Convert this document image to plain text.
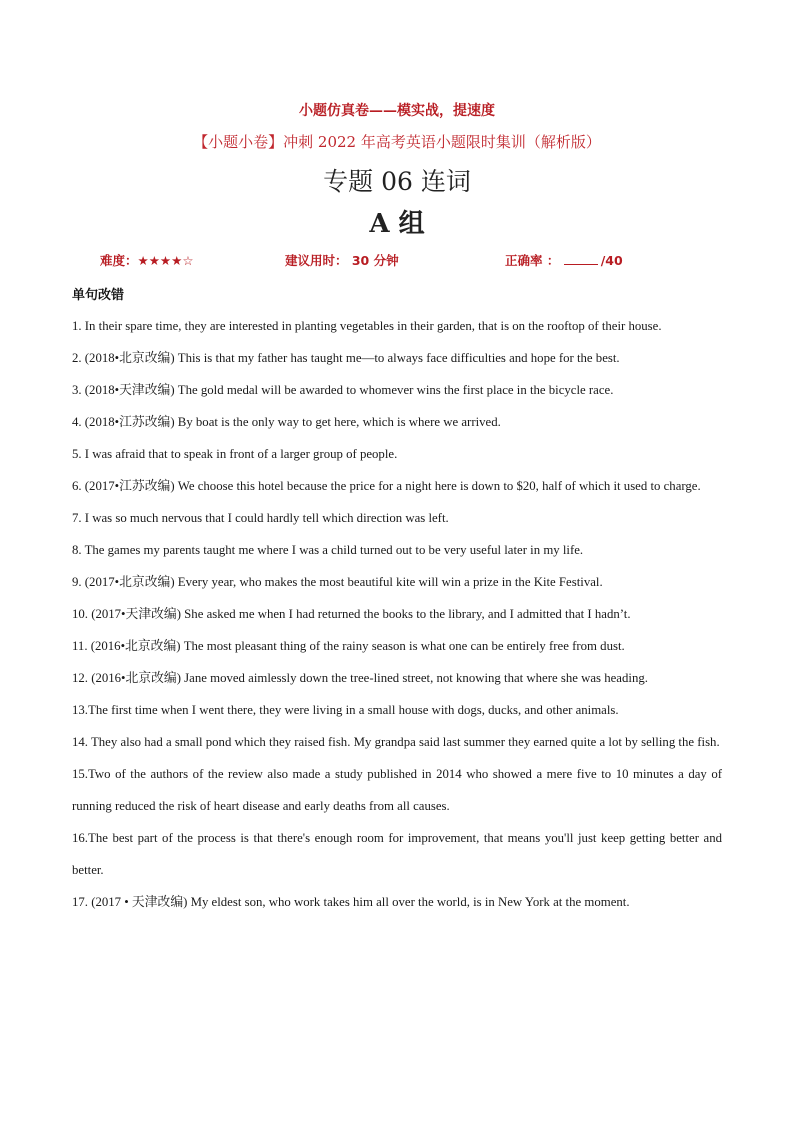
小题仿真卷——模实战，提速度
【小题小卷】冲刺 2022 年高考英语小题限时集训（解析版）
专题 06 连词
A 组
难度：★★★★☆	建议用时： 30 分钟	正确率 ：	/40
单句改错
1. In their spare time, they are interested in planting vegetables in their garden, that is on the rooftop of their house.
2. (2018•北京改编) This is that my father has taught me—to always face difficulties and hope for the best.
3. (2018•天津改编) The gold medal will be awarded to whomever wins the first place in the bicycle race.
4. (2018•江苏改编) By boat is the only way to get here, which is where we arrived.
5. I was afraid that to speak in front of a larger group of people.
6. (2017•江苏改编) We choose this hotel because the price for a night here is down to $20, half of which it used to charge.
7. I was so much nervous that I could hardly tell which direction was left.
8. The games my parents taught me where I was a child turned out to be very useful later in my life.
9. (2017•北京改编) Every year, who makes the most beautiful kite will win a prize in the Kite Festival.
10. (2017•天津改编) She asked me when I had returned the books to the library, and I admitted that I hadn’t.
11. (2016•北京改编) The most pleasant thing of the rainy season is what one can be entirely free from dust.
12. (2016•北京改编) Jane moved aimlessly down the tree-lined street, not knowing that where she was heading.
13.The first time when I went there, they were living in a small house with dogs, ducks, and other animals.
14. They also had a small pond which they raised fish. My grandpa said last summer they earned quite a lot by selling the fish.
15.Two of the authors of the review also made a study published in 2014 who showed a mere five to 10 minutes a day of running reduced the risk of heart disease and early deaths from all causes.
16.The best part of the process is that there's enough room for improvement, that means you'll just keep getting better and better.
17. (2017 • 天津改编) My eldest son, who work takes him all over the world, is in New York at the moment.
